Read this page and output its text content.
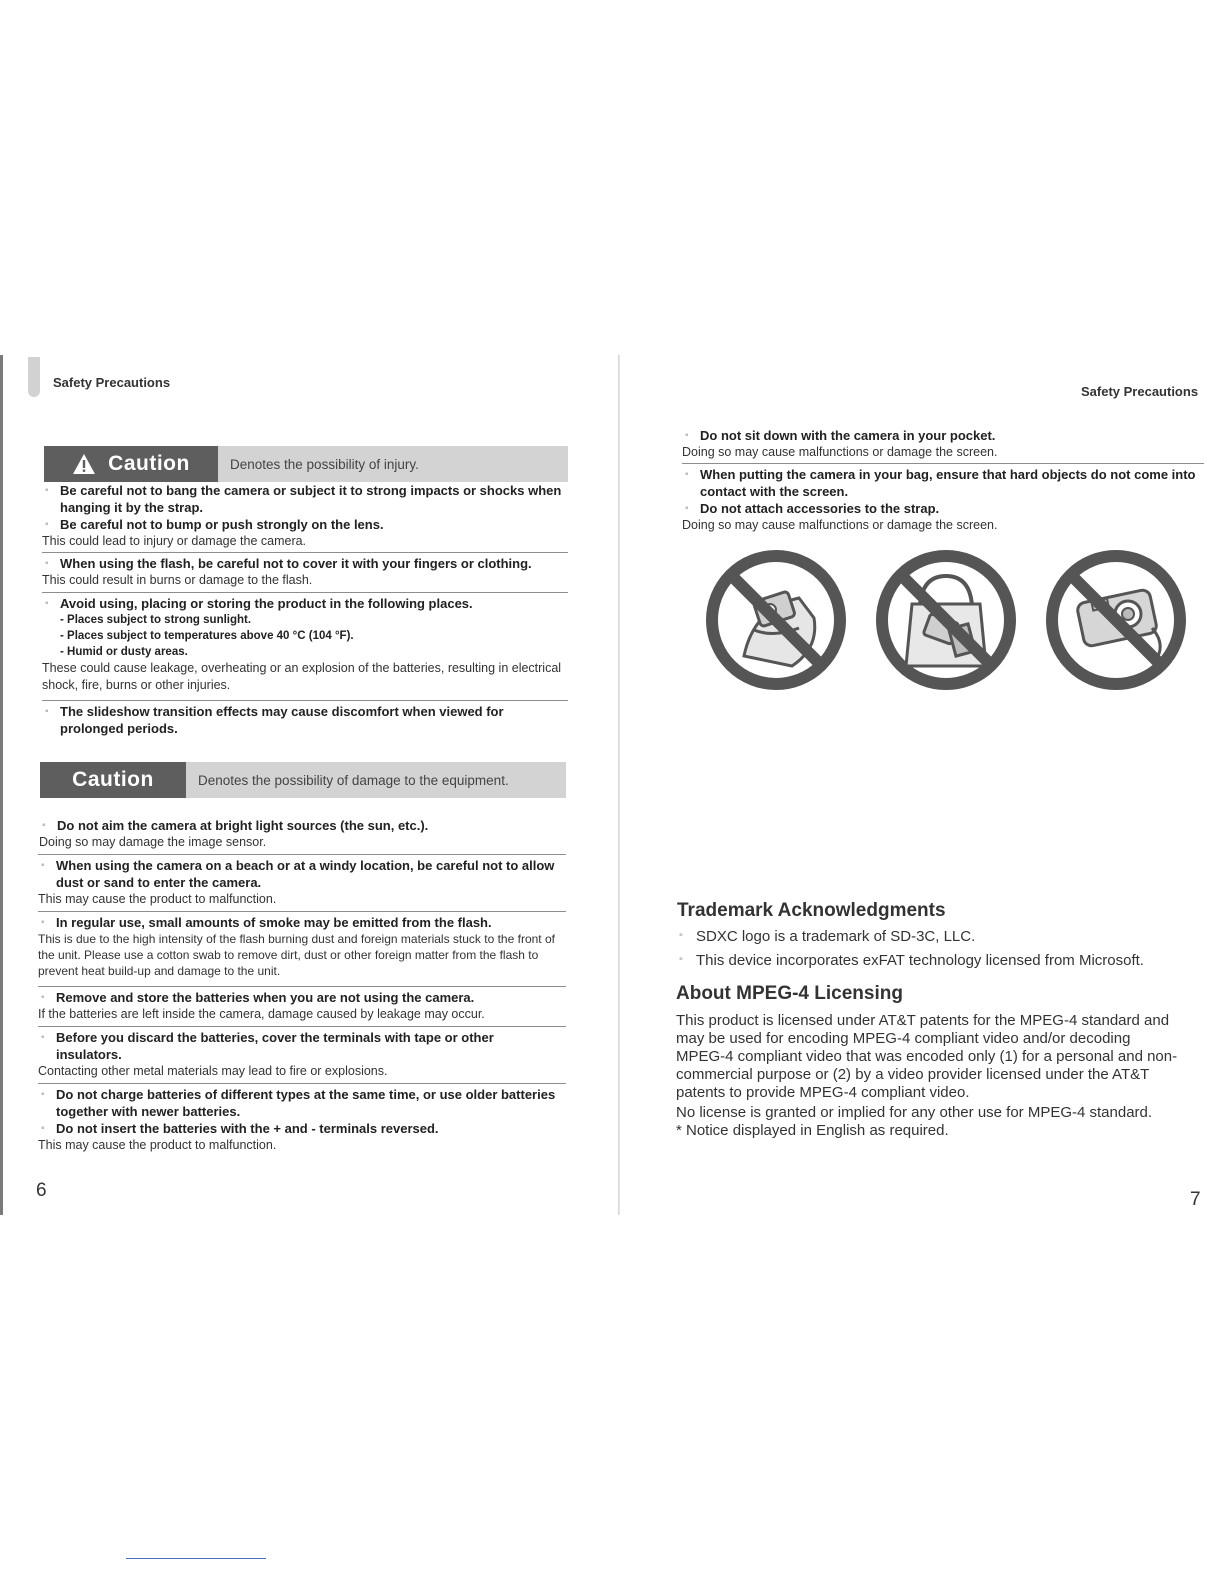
Safety Precautions
Caution	Denotes the possibility of injury.
▪ Be careful not to bang the camera or subject it to strong impacts or shocks when hanging it by the strap.
▪ Be careful not to bump or push strongly on the lens.
This could lead to injury or damage the camera.
▪ When using the flash, be careful not to cover it with your fingers or clothing.
This could result in burns or damage to the flash.
▪ Avoid using, placing or storing the product in the following places.
- Places subject to strong sunlight.
- Places subject to temperatures above 40 °C (104 °F).
- Humid or dusty areas.
These could cause leakage, overheating or an explosion of the batteries, resulting in electrical shock, fire, burns or other injuries.
▪ The slideshow transition effects may cause discomfort when viewed for prolonged periods.
Caution	Denotes the possibility of damage to the equipment.
▪ Do not aim the camera at bright light sources (the sun, etc.).
Doing so may damage the image sensor.
▪ When using the camera on a beach or at a windy location, be careful not to allow dust or sand to enter the camera.
This may cause the product to malfunction.
▪ In regular use, small amounts of smoke may be emitted from the flash.
This is due to the high intensity of the flash burning dust and foreign materials stuck to the front of the unit. Please use a cotton swab to remove dirt, dust or other foreign matter from the flash to prevent heat build-up and damage to the unit.
▪ Remove and store the batteries when you are not using the camera.
If the batteries are left inside the camera, damage caused by leakage may occur.
▪ Before you discard the batteries, cover the terminals with tape or other insulators.
Contacting other metal materials may lead to fire or explosions.
▪ Do not charge batteries of different types at the same time, or use older batteries together with newer batteries.
▪ Do not insert the batteries with the + and - terminals reversed.
This may cause the product to malfunction.
6
Safety Precautions
▪ Do not sit down with the camera in your pocket.
Doing so may cause malfunctions or damage the screen.
▪ When putting the camera in your bag, ensure that hard objects do not come into contact with the screen.
▪ Do not attach accessories to the strap.
Doing so may cause malfunctions or damage the screen.
Trademark Acknowledgments
▪ SDXC logo is a trademark of SD-3C, LLC.
▪ This device incorporates exFAT technology licensed from Microsoft.
About MPEG-4 Licensing
This product is licensed under AT&T patents for the MPEG-4 standard and
may be used for encoding MPEG-4 compliant video and/or decoding
MPEG-4 compliant video that was encoded only (1) for a personal and non-
commercial purpose or (2) by a video provider licensed under the AT&T
patents to provide MPEG-4 compliant video.
No license is granted or implied for any other use for MPEG-4 standard.
* Notice displayed in English as required.
7
